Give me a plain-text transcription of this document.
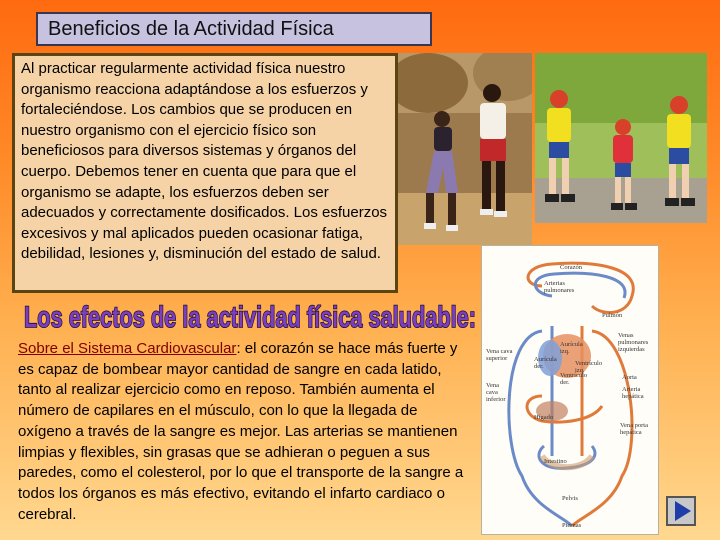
Beneficios de la Actividad Física
Al practicar regularmente actividad física nuestro organismo reacciona adaptándose a los esfuerzos y fortaleciéndose. Los cambios que se producen en nuestro organismo con el ejercicio físico son beneficiosos para diversos sistemas y órganos del cuerpo. Debemos tener en cuenta que para que el organismo se adapte, los esfuerzos deben ser adecuados y correctamente dosificados. Los esfuerzos excesivos y mal aplicados pueden ocasionar fatiga, debilidad, lesiones y, disminución del estado de salud.
Los efectos de la actividad física saludable:
Sobre el Sistema Cardiovascular: el corazón se hace más fuerte y es capaz de bombear mayor cantidad de sangre en cada latido, tanto al realizar ejercicio como en reposo. También aumenta el número de capilares en el músculo, con lo que la llegada de oxígeno a través de la sangre es mejor. Las arterias se mantienen limpias y flexibles, sin grasas que se adhieran o peguen a sus paredes, como el colesterol, por lo que el transporte de la sangre a todos los órganos es más efectivo, evitando el infarto cardiaco o cerebral.
Corazón
Arterias pulmonares
Pulmón
Aurícula izq.
Aurícula der.	Ventrículo izq.
Ventrículo der.
Vena cava superior
Venas pulmonares izquierdas
Aorta
Arteria hepática
Vena cava inferior
Hígado
Vena porta hepática
Intestino
Pelvis
Piernas
